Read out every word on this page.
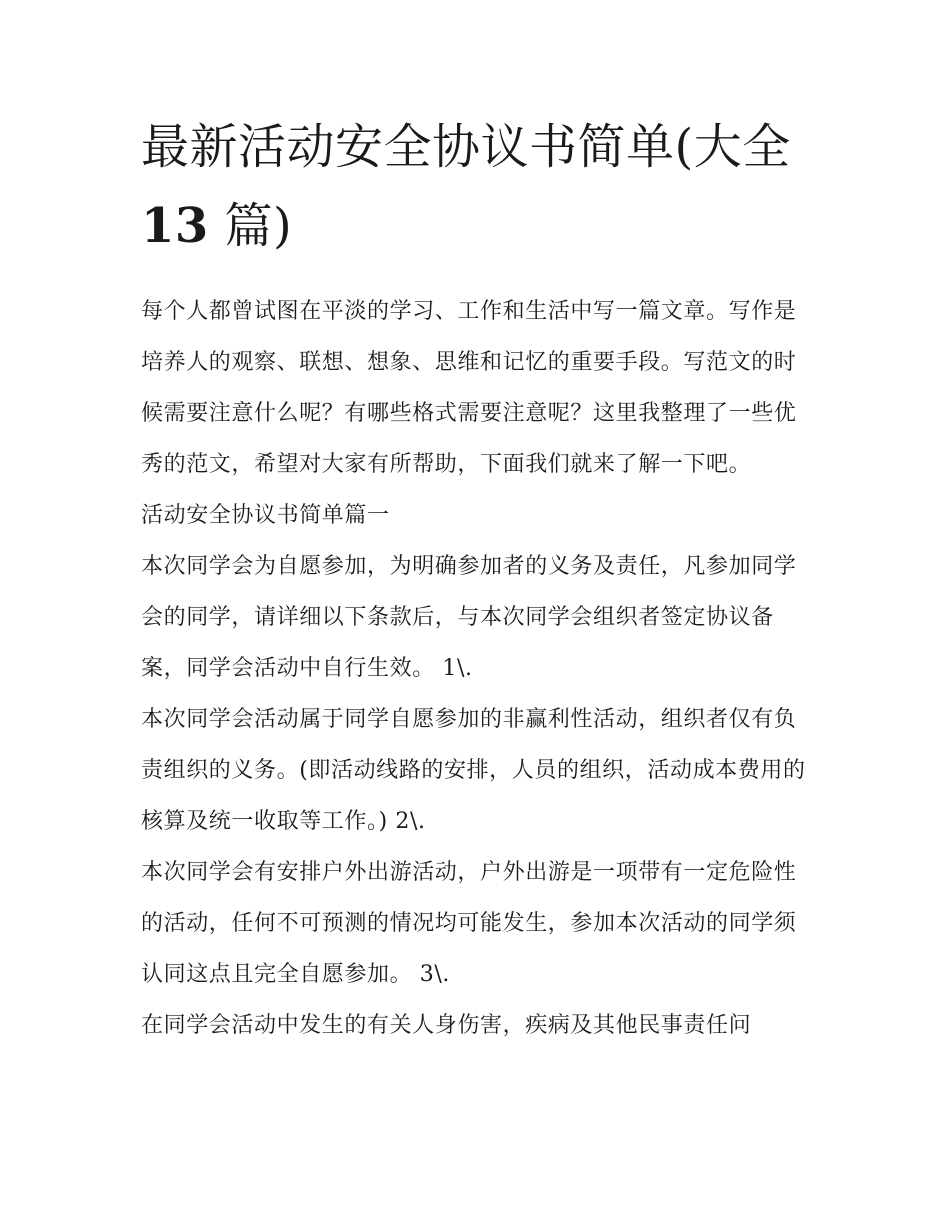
最新活动安全协议书简单(大全
13 篇)

每个人都曾试图在平淡的学习、工作和生活中写一篇文章。写作是培养人的观察、联想、想象、思维和记忆的重要手段。写范文的时候需要注意什么呢？有哪些格式需要注意呢？这里我整理了一些优秀的范文，希望对大家有所帮助，下面我们就来了解一下吧。

活动安全协议书简单篇一

本次同学会为自愿参加，为明确参加者的义务及责任，凡参加同学会的同学，请详细以下条款后，与本次同学会组织者签定协议备案，同学会活动中自行生效。 1\.

本次同学会活动属于同学自愿参加的非赢利性活动，组织者仅有负责组织的义务。(即活动线路的安排，人员的组织，活动成本费用的核算及统一收取等工作。) 2\.

本次同学会有安排户外出游活动，户外出游是一项带有一定危险性的活动，任何不可预测的情况均可能发生，参加本次活动的同学须认同这点且完全自愿参加。 3\.

在同学会活动中发生的有关人身伤害，疾病及其他民事责任问
